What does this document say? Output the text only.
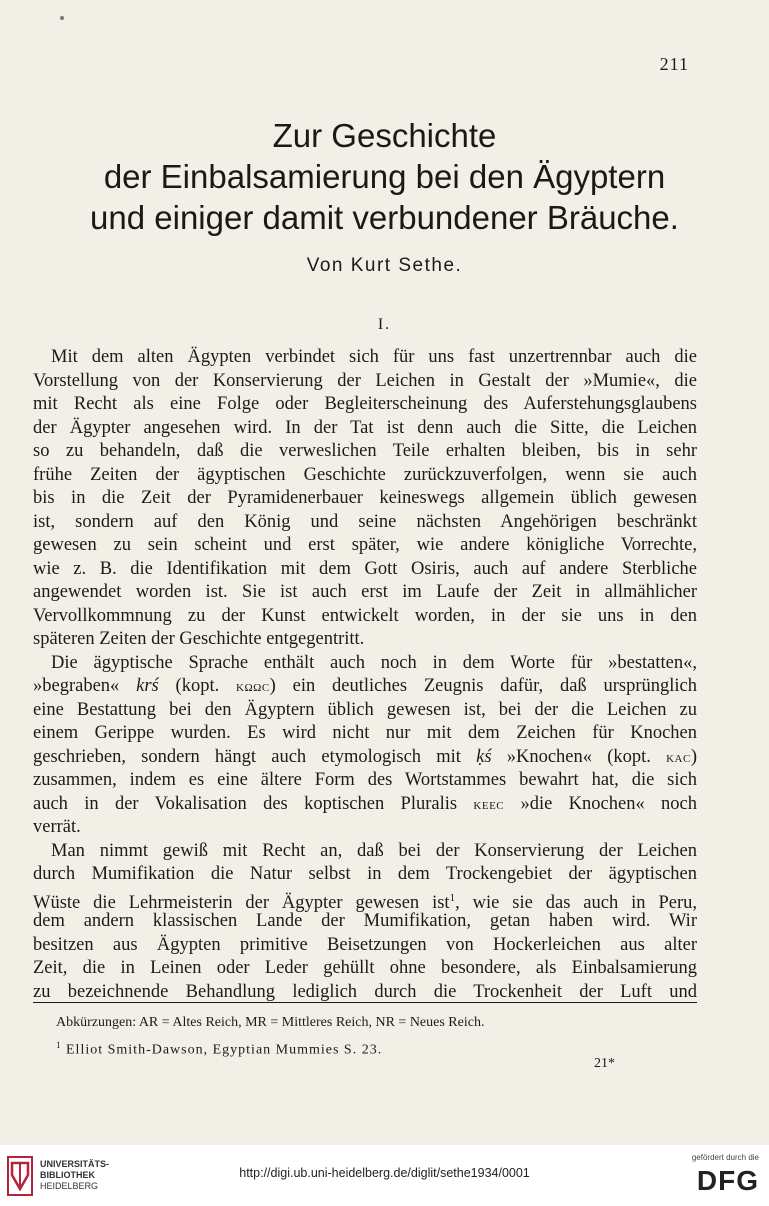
211
Zur Geschichte
der Einbalsamierung bei den Ägyptern
und einiger damit verbundener Bräuche.
Von Kurt Sethe.
I.
Mit dem alten Ägypten verbindet sich für uns fast unzertrennbar auch die
Vorstellung von der Konservierung der Leichen in Gestalt der »Mumie«, die
mit Recht als eine Folge oder Begleiterscheinung des Auferstehungsglaubens
der Ägypter angesehen wird. In der Tat ist denn auch die Sitte, die Leichen
so zu behandeln, daß die verweslichen Teile erhalten bleiben, bis in sehr
frühe Zeiten der ägyptischen Geschichte zurückzuverfolgen, wenn sie auch
bis in die Zeit der Pyramidenerbauer keineswegs allgemein üblich gewesen
ist, sondern auf den König und seine nächsten Angehörigen beschränkt
gewesen zu sein scheint und erst später, wie andere königliche Vorrechte,
wie z. B. die Identifikation mit dem Gott Osiris, auch auf andere Sterbliche
angewendet worden ist. Sie ist auch erst im Laufe der Zeit in allmählicher
Vervollkommnung zu der Kunst entwickelt worden, in der sie uns in den
späteren Zeiten der Geschichte entgegentritt.
Die ägyptische Sprache enthält auch noch in dem Worte für »bestatten«,
»begraben« krś (kopt. κωωc) ein deutliches Zeugnis dafür, daß ursprünglich
eine Bestattung bei den Ägyptern üblich gewesen ist, bei der die Leichen zu
einem Gerippe wurden. Es wird nicht nur mit dem Zeichen für Knochen
geschrieben, sondern hängt auch etymologisch mit ḳś »Knochen« (kopt. κac)
zusammen, indem es eine ältere Form des Wortstammes bewahrt hat, die sich
auch in der Vokalisation des koptischen Pluralis κeec »die Knochen« noch
verrät.
Man nimmt gewiß mit Recht an, daß bei der Konservierung der Leichen
durch Mumifikation die Natur selbst in dem Trockengebiet der ägyptischen
Wüste die Lehrmeisterin der Ägypter gewesen ist$^1$, wie sie das auch in Peru,
dem andern klassischen Lande der Mumifikation, getan haben wird. Wir
besitzen aus Ägypten primitive Beisetzungen von Hockerleichen aus alter
Zeit, die in Leinen oder Leder gehüllt ohne besondere, als Einbalsamierung
zu bezeichnende Behandlung lediglich durch die Trockenheit der Luft und
Abkürzungen: AR = Altes Reich, MR = Mittleres Reich, NR = Neues Reich.
$^1$ Elliot Smith-Dawson, Egyptian Mummies S. 23.
21*
UNIVERSITÄTS-
BIBLIOTHEK
HEIDELBERG
http://digi.ub.uni-heidelberg.de/diglit/sethe1934/0001
gefördert durch die
DFG
